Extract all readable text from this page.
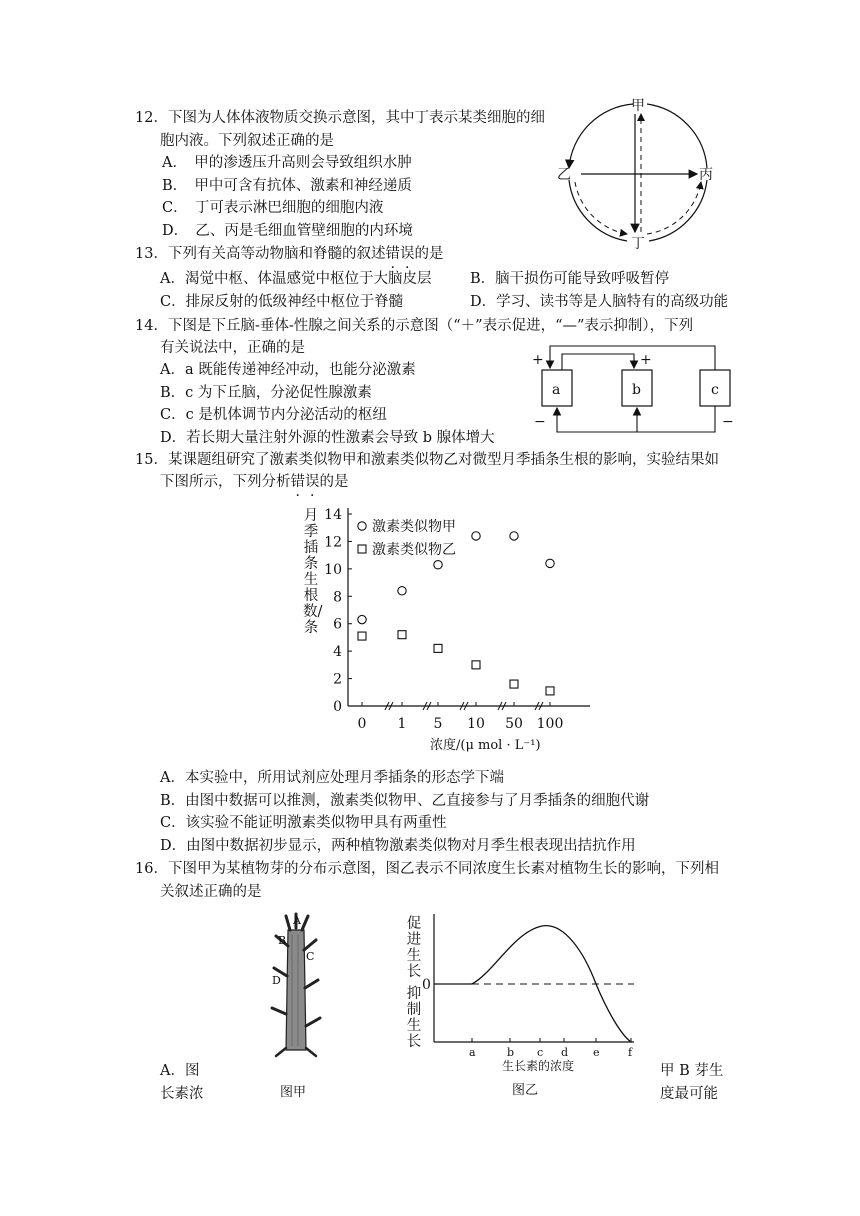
12．下图为人体体液物质交换示意图，其中丁表示某类细胞的细
胞内液。下列叙述正确的是
A．　甲的渗透压升高则会导致组织水肿
B．　甲中可含有抗体、激素和神经递质
C．　丁可表示淋巴细胞的细胞内液
D．　乙、丙是毛细血管壁细胞的内环境
甲
乙	丙
丁
13．下列有关高等动物脑和脊髓的叙述错误的是
A．渴觉中枢、体温感觉中枢位于大脑皮层	B．脑干损伤可能导致呼吸暂停
C．排尿反射的低级神经中枢位于脊髓	D．学习、读书等是人脑特有的高级功能
14．下图是下丘脑-垂体-性腺之间关系的示意图（“＋”表示促进，“—”表示抑制），下列
有关说法中，正确的是
A．a 既能传递神经冲动，也能分泌激素
B．c 为下丘脑，分泌促性腺激素
C．c 是机体调节内分泌活动的枢纽
D．若长期大量注射外源的性激素会导致 b 腺体增大
a	b	c
+	+
−	−
15．某课题组研究了激素类似物甲和激素类似物乙对微型月季插条生根的影响，实验结果如
下图所示，下列分析错误的是
月季插条生根数/条
0
2
4
6
8
10
12
14
0 1 5 10 50 100
激素类似物甲
激素类似物乙
浓度/(μ mol · L⁻¹)
A．本实验中，所用试剂应处理月季插条的形态学下端
B．由图中数据可以推测，激素类似物甲、乙直接参与了月季插条的细胞代谢
C．该实验不能证明激素类似物甲具有两重性
D．由图中数据初步显示，两种植物激素类似物对月季生根表现出拮抗作用
16．下图甲为某植物芽的分布示意图，图乙表示不同浓度生长素对植物生长的影响，下列相
关叙述正确的是
A
B
C
D
图甲
促进生长
抑制生长
0
a	b c d e	f
生长素的浓度
图乙
A．图
长素浓
甲 B 芽生
度最可能
